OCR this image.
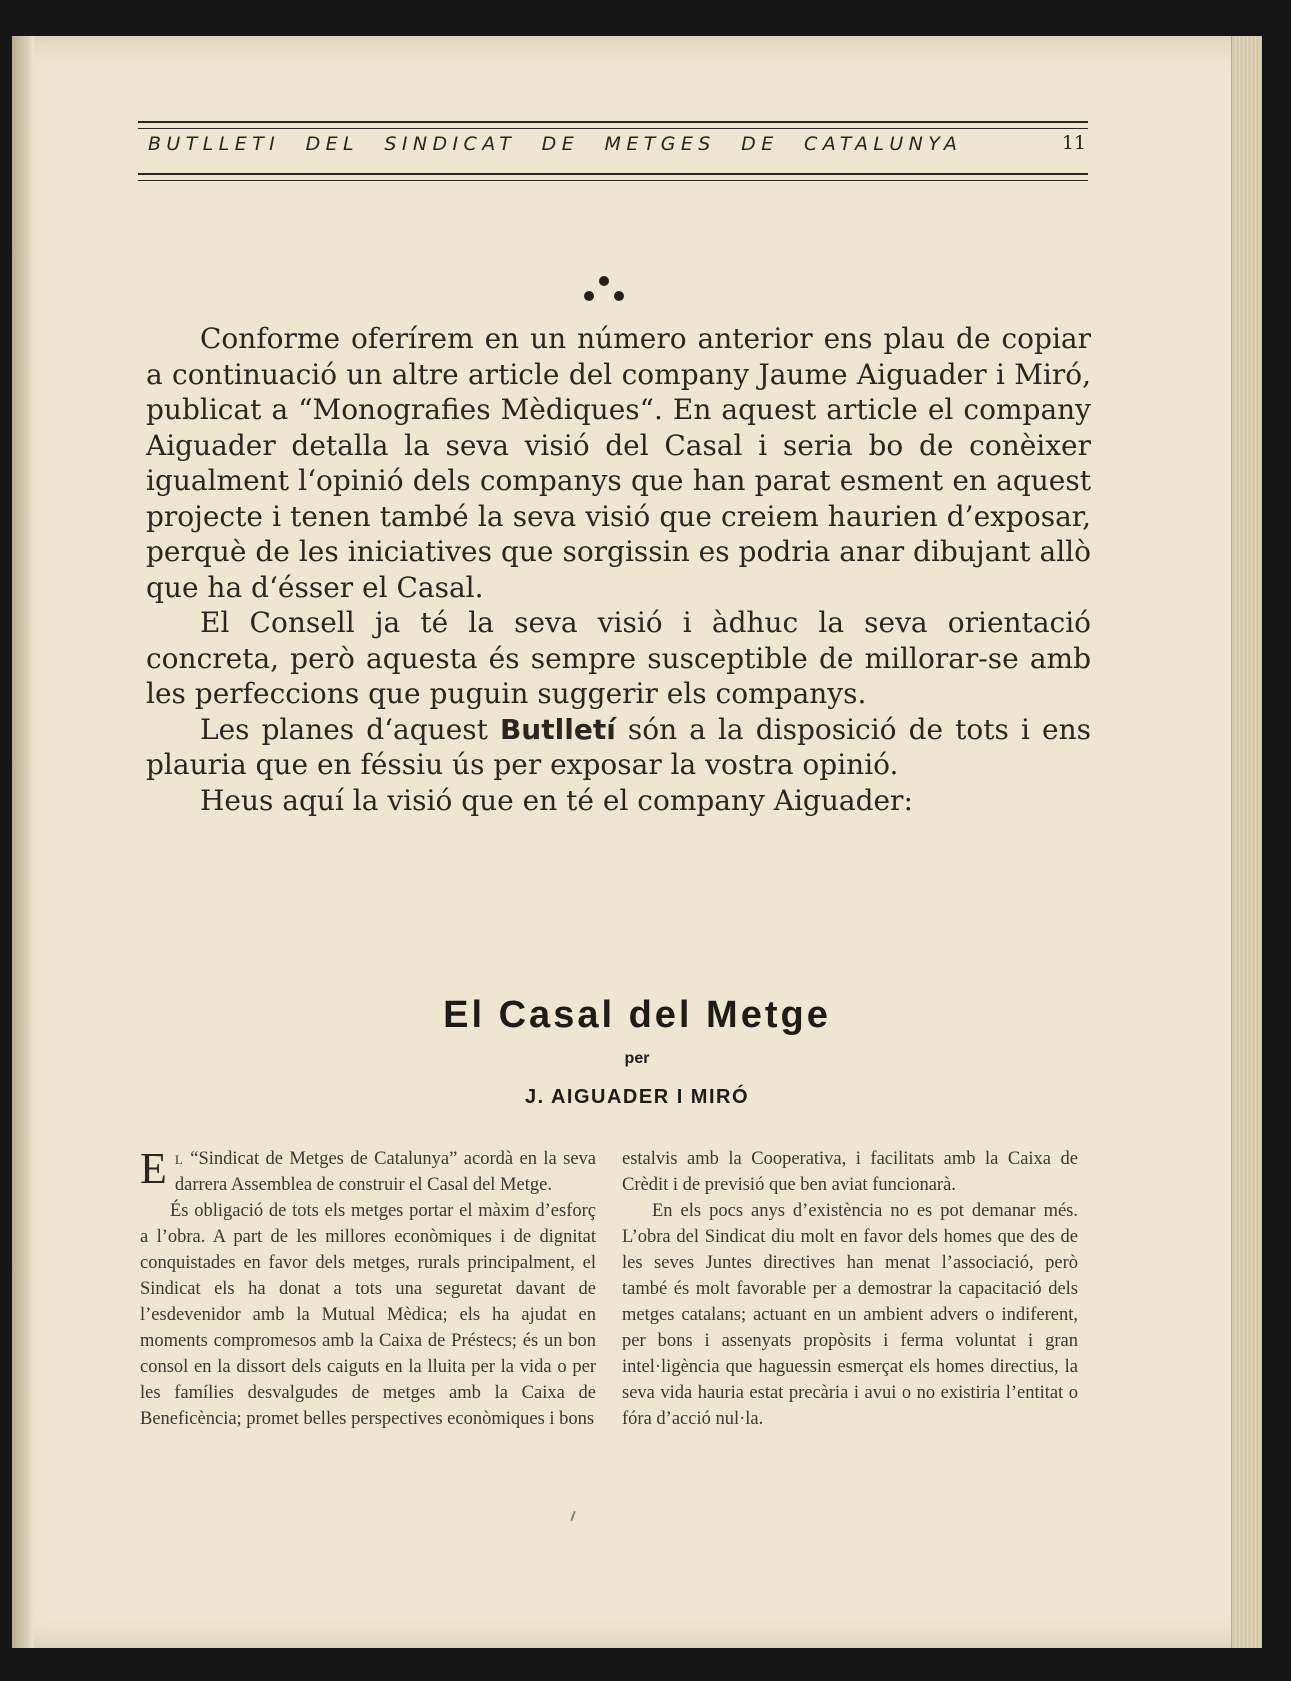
BUTLLETI DEL SINDICAT DE METGES DE CATALUNYA	11

Conforme oferírem en un número anterior ens plau de copiar a continuació un altre article del company Jaume Aiguader i Miró, publicat a “Monografies Mèdiques“. En aquest article el company Aiguader detalla la seva visió del Casal i seria bo de conèixer igualment l‘opinió dels companys que han parat esment en aquest projecte i tenen també la seva visió que creiem haurien d’exposar, perquè de les iniciatives que sorgissin es podria anar dibujant allò que ha d‘ésser el Casal.

El Consell ja té la seva visió i àdhuc la seva orientació concreta, però aquesta és sempre susceptible de millorar-se amb les perfeccions que puguin suggerir els companys.

Les planes d‘aquest Butlletí són a la disposició de tots i ens plauria que en féssiu ús per exposar la vostra opinió.

Heus aquí la visió que en té el company Aiguader:

El Casal del Metge
per
J. AIGUADER I MIRÓ

El “Sindicat de Metges de Catalunya” acordà en la seva darrera Assemblea de construir el Casal del Metge.

És obligació de tots els metges portar el màxim d’esforç a l’obra. A part de les millores econòmiques i de dignitat conquistades en favor dels metges, rurals principalment, el Sindicat els ha donat a tots una seguretat davant de l’esdevenidor amb la Mutual Mèdica; els ha ajudat en moments compromesos amb la Caixa de Préstecs; és un bon consol en la dissort dels caiguts en la lluita per la vida o per les famílies desvalgudes de metges amb la Caixa de Beneficència; promet belles perspectives econòmiques i bons

estalvis amb la Cooperativa, i facilitats amb la Caixa de Crèdit i de previsió que ben aviat funcionarà.

En els pocs anys d’existència no es pot demanar més. L’obra del Sindicat diu molt en favor dels homes que des de les seves Juntes directives han menat l’associació, però també és molt favorable per a demostrar la capacitació dels metges catalans; actuant en un ambient advers o indiferent, per bons i assenyats propòsits i ferma voluntat i gran intel·ligència que haguessin esmerçat els homes directius, la seva vida hauria estat precària i avui o no existiria l’entitat o fóra d’acció nul·la.
